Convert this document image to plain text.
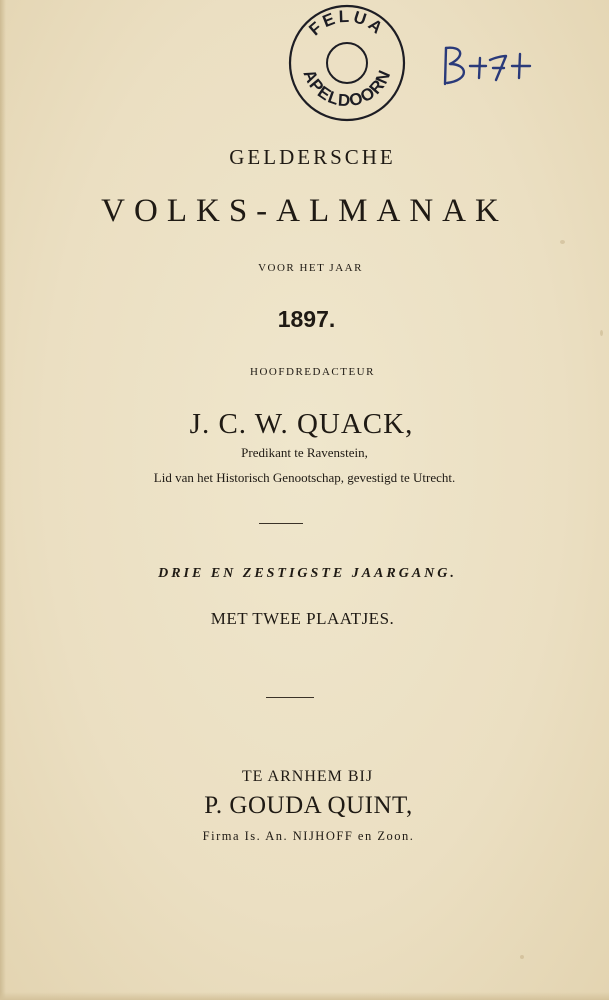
FELUA
APELDOORN
GELDERSCHE
VOLKS-ALMANAK
VOOR HET JAAR
1897.
HOOFDREDACTEUR
J. C. W. QUACK,
Predikant te Ravenstein,
Lid van het Historisch Genootschap, gevestigd te Utrecht.
DRIE EN ZESTIGSTE JAARGANG.
MET TWEE PLAATJES.
TE ARNHEM BIJ
P. GOUDA QUINT,
Firma Is. An. NIJHOFF en Zoon.
